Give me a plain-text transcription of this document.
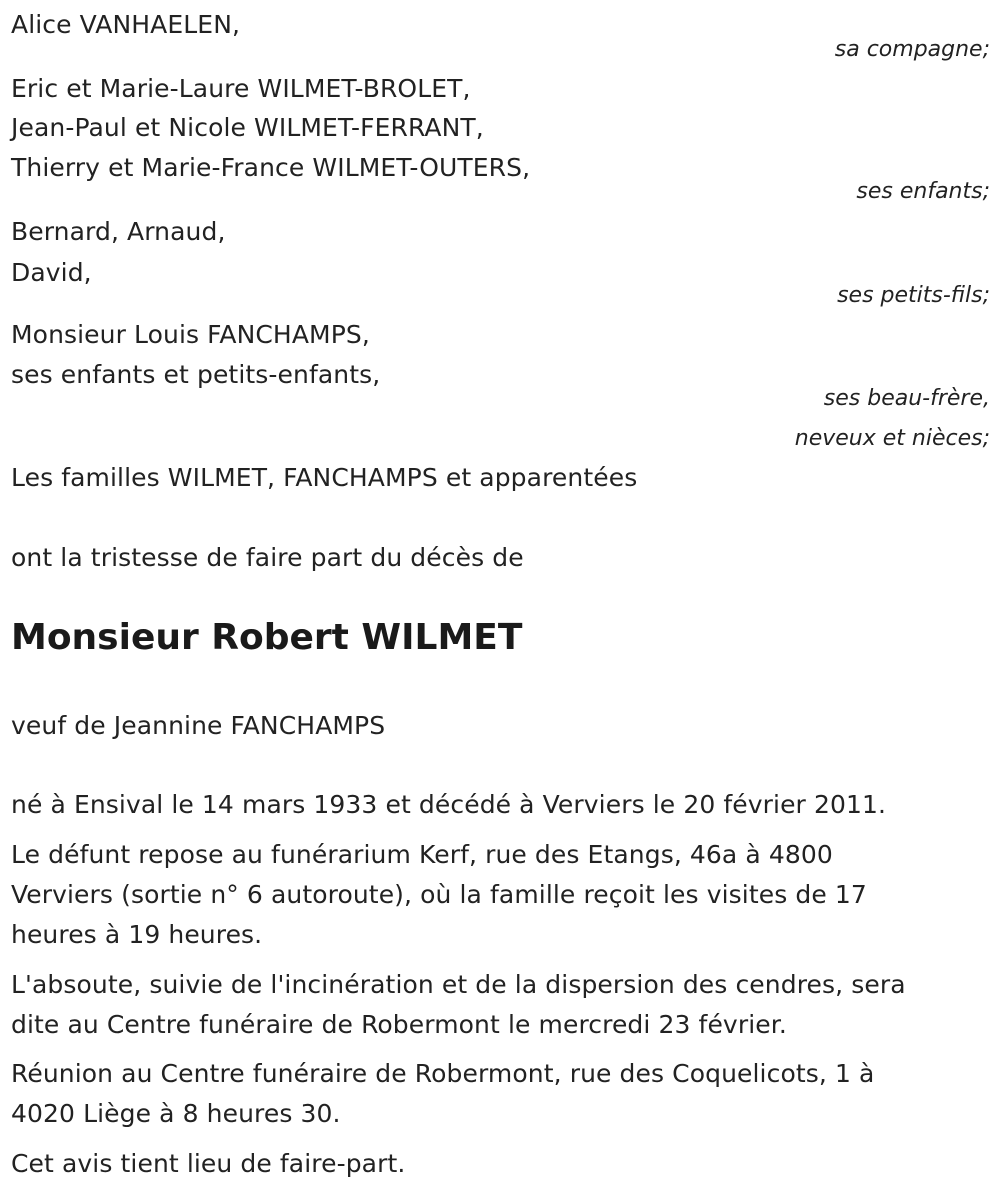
Alice VANHAELEN,
sa compagne;
Eric et Marie-Laure WILMET-BROLET,
Jean-Paul et Nicole WILMET-FERRANT,
Thierry et Marie-France WILMET-OUTERS,
ses enfants;
Bernard, Arnaud,
David,
ses petits-fils;
Monsieur Louis FANCHAMPS,
ses enfants et petits-enfants,
ses beau-frère,
neveux et nièces;
Les familles WILMET, FANCHAMPS et apparentées
ont la tristesse de faire part du décès de
Monsieur Robert WILMET
veuf de Jeannine FANCHAMPS
né à Ensival le 14 mars 1933 et décédé à Verviers le 20 février 2011.
Le défunt repose au funérarium Kerf, rue des Etangs, 46a à 4800
Verviers (sortie n° 6 autoroute), où la famille reçoit les visites de 17
heures à 19 heures.
L'absoute, suivie de l'incinération et de la dispersion des cendres, sera
dite au Centre funéraire de Robermont le mercredi 23 février.
Réunion au Centre funéraire de Robermont, rue des Coquelicots, 1 à
4020 Liège à 8 heures 30.
Cet avis tient lieu de faire-part.
